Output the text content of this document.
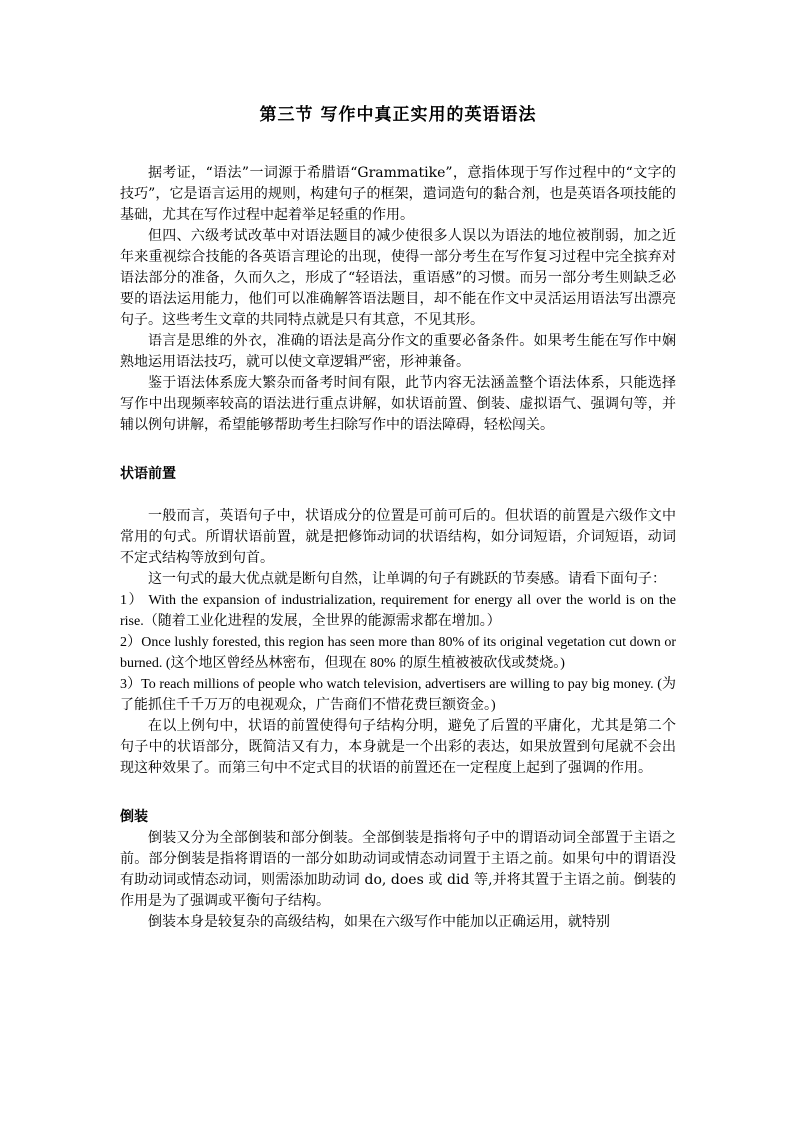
第三节 写作中真正实用的英语语法

据考证，“语法”一词源于希腊语“Grammatike”，意指体现于写作过程中的“文字的技巧”，它是语言运用的规则，构建句子的框架，遣词造句的黏合剂，也是英语各项技能的基础，尤其在写作过程中起着举足轻重的作用。

但四、六级考试改革中对语法题目的减少使很多人误以为语法的地位被削弱，加之近年来重视综合技能的各英语言理论的出现，使得一部分考生在写作复习过程中完全摈弃对语法部分的准备，久而久之，形成了“轻语法，重语感”的习惯。而另一部分考生则缺乏必要的语法运用能力，他们可以准确解答语法题目，却不能在作文中灵活运用语法写出漂亮句子。这些考生文章的共同特点就是只有其意，不见其形。

语言是思维的外衣，准确的语法是高分作文的重要必备条件。如果考生能在写作中娴熟地运用语法技巧，就可以使文章逻辑严密，形神兼备。

鉴于语法体系庞大繁杂而备考时间有限，此节内容无法涵盖整个语法体系，只能选择写作中出现频率较高的语法进行重点讲解，如状语前置、倒装、虚拟语气、强调句等，并辅以例句讲解，希望能够帮助考生扫除写作中的语法障碍，轻松闯关。

状语前置

一般而言，英语句子中，状语成分的位置是可前可后的。但状语的前置是六级作文中常用的句式。所谓状语前置，就是把修饰动词的状语结构，如分词短语，介词短语，动词不定式结构等放到句首。

这一句式的最大优点就是断句自然，让单调的句子有跳跃的节奏感。请看下面句子：

1） With the expansion of industrialization, requirement for energy all over the world is on the rise.（随着工业化进程的发展，全世界的能源需求都在增加。）

2）Once lushly forested, this region has seen more than 80% of its original vegetation cut down or burned. (这个地区曾经丛林密布，但现在 80% 的原生植被被砍伐或焚烧。)

3）To reach millions of people who watch television, advertisers are willing to pay big money. (为了能抓住千千万万的电视观众，广告商们不惜花费巨额资金。)

在以上例句中，状语的前置使得句子结构分明，避免了后置的平庸化，尤其是第二个句子中的状语部分，既简洁又有力，本身就是一个出彩的表达，如果放置到句尾就不会出现这种效果了。而第三句中不定式目的状语的前置还在一定程度上起到了强调的作用。

倒装

倒装又分为全部倒装和部分倒装。全部倒装是指将句子中的谓语动词全部置于主语之前。部分倒装是指将谓语的一部分如助动词或情态动词置于主语之前。如果句中的谓语没有助动词或情态动词，则需添加助动词 do, does 或 did 等,并将其置于主语之前。倒装的作用是为了强调或平衡句子结构。

倒装本身是较复杂的高级结构，如果在六级写作中能加以正确运用，就特别
